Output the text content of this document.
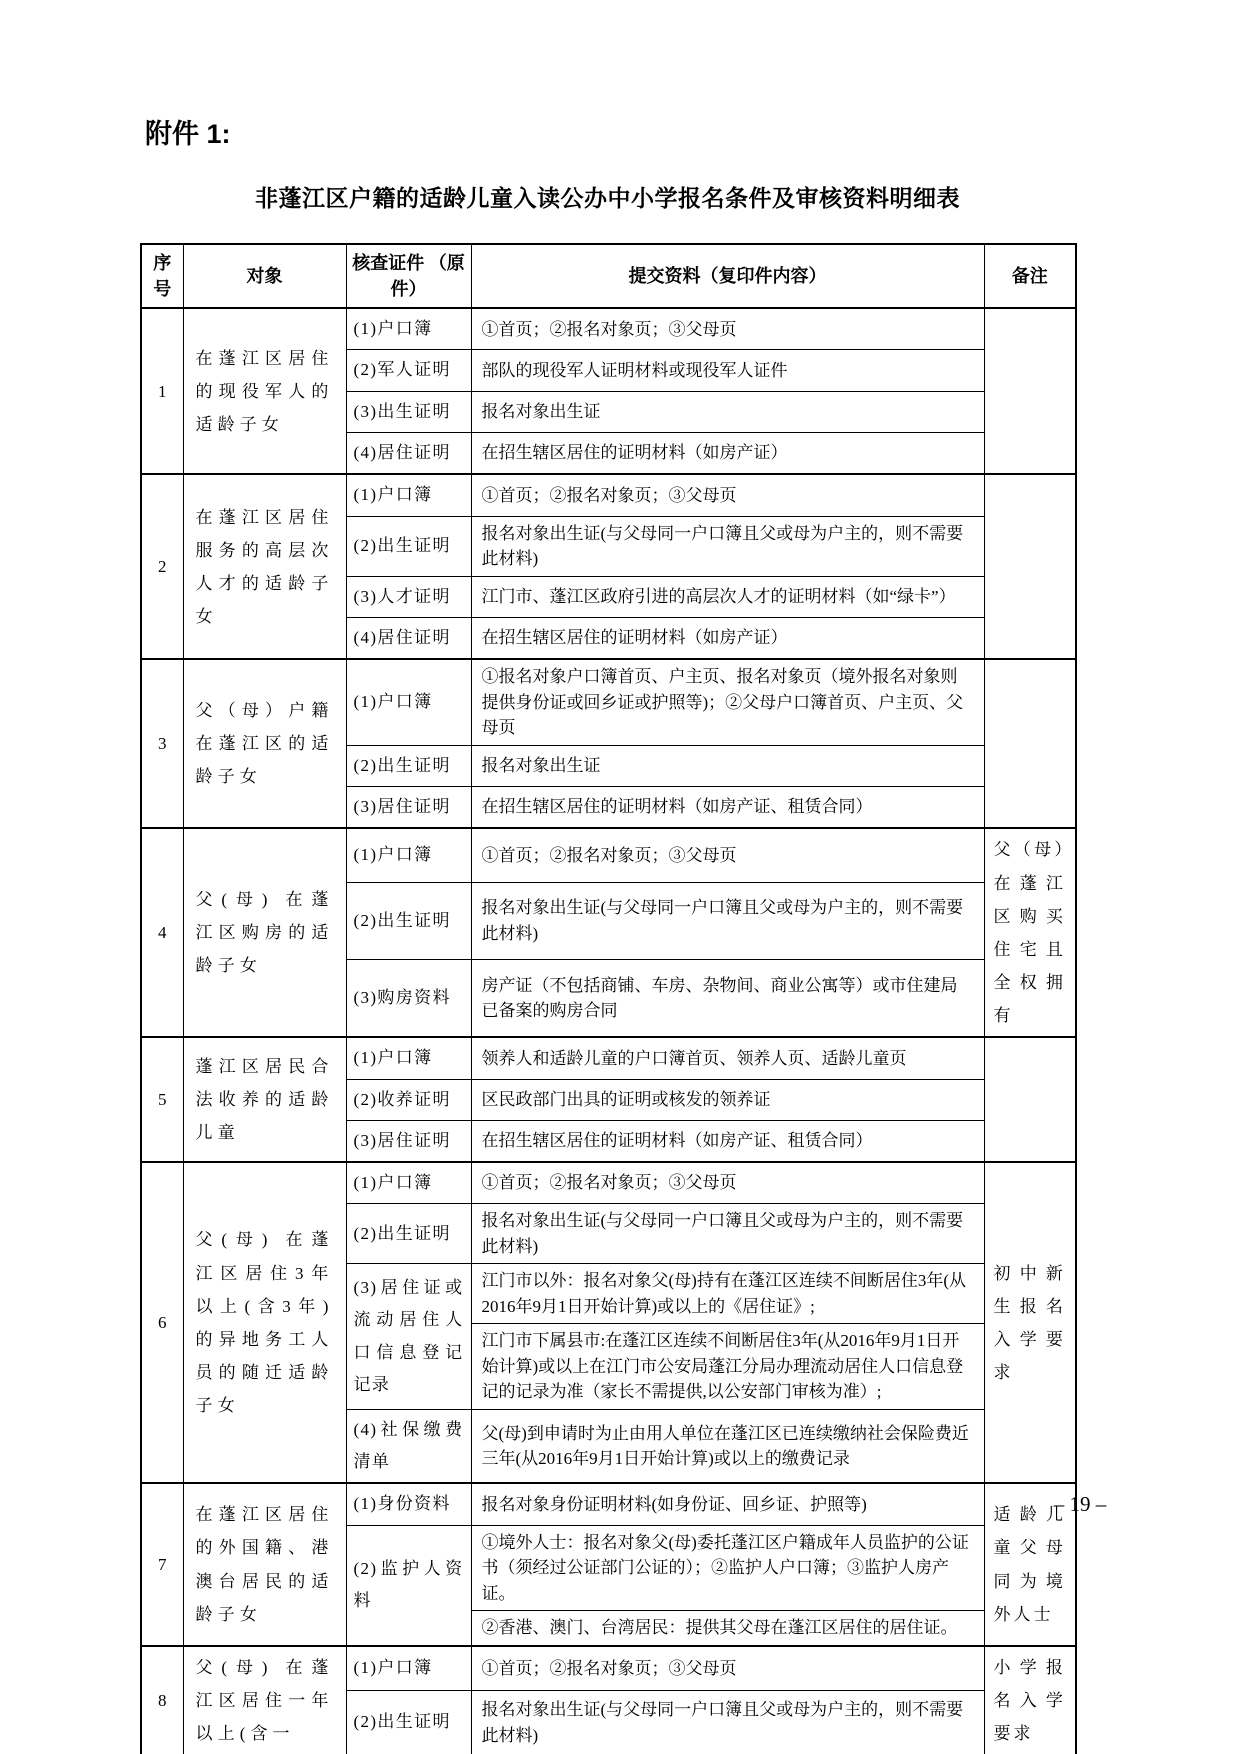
附件 1:
非蓬江区户籍的适龄儿童入读公办中小学报名条件及审核资料明细表
序号	对象	核查证件 （原件）	提交资料（复印件内容）	备注
1	在蓬江区居住的现役军人的适龄子女	(1)户口簿	①首页；②报名对象页；③父母页	
		(2)军人证明	部队的现役军人证明材料或现役军人证件	
		(3)出生证明	报名对象出生证	
		(4)居住证明	在招生辖区居住的证明材料（如房产证）	
2	在蓬江区居住服务的高层次人才的适龄子女	(1)户口簿	①首页；②报名对象页；③父母页	
		(2)出生证明	报名对象出生证(与父母同一户口簿且父或母为户主的，则不需要此材料)	
		(3)人才证明	江门市、蓬江区政府引进的高层次人才的证明材料（如“绿卡”）	
		(4)居住证明	在招生辖区居住的证明材料（如房产证）	
3	父（母）户籍在蓬江区的适龄子女	(1)户口簿	①报名对象户口簿首页、户主页、报名对象页（境外报名对象则提供身份证或回乡证或护照等)；②父母户口簿首页、户主页、父母页	
		(2)出生证明	报名对象出生证	
		(3)居住证明	在招生辖区居住的证明材料（如房产证、租赁合同）	
4	父(母) 在蓬江区购房的适龄子女	(1)户口簿	①首页；②报名对象页；③父母页	父（母）在蓬江区购买住宅且全权拥有
		(2)出生证明	报名对象出生证(与父母同一户口簿且父或母为户主的，则不需要此材料)	
		(3)购房资料	房产证（不包括商铺、车房、杂物间、商业公寓等）或市住建局已备案的购房合同	
5	蓬江区居民合法收养的适龄儿童	(1)户口簿	领养人和适龄儿童的户口簿首页、领养人页、适龄儿童页	
		(2)收养证明	区民政部门出具的证明或核发的领养证	
		(3)居住证明	在招生辖区居住的证明材料（如房产证、租赁合同）	
6	父(母) 在蓬江区居住3年以上(含3年) 的异地务工人员的随迁适龄子女	(1)户口簿	①首页；②报名对象页；③父母页	初中新生报名入学要求
		(2)出生证明	报名对象出生证(与父母同一户口簿且父或母为户主的，则不需要此材料)	
		(3)居住证或流动居住人口信息登记记录	江门市以外：报名对象父(母)持有在蓬江区连续不间断居住3年(从2016年9月1日开始计算)或以上的《居住证》;	
			江门市下属县市:在蓬江区连续不间断居住3年(从2016年9月1日开始计算)或以上在江门市公安局蓬江分局办理流动居住人口信息登记的记录为准（家长不需提供,以公安部门审核为准）;	
		(4)社保缴费清单	父(母)到申请时为止由用人单位在蓬江区已连续缴纳社会保险费近三年(从2016年9月1日开始计算)或以上的缴费记录	
7	在蓬江区居住的外国籍、港澳台居民的适龄子女	(1)身份资料	报名对象身份证明材料(如身份证、回乡证、护照等)	适龄儿童父母同为境外人士
		(2)监护人资料	①境外人士：报名对象父(母)委托蓬江区户籍成年人员监护的公证书（须经过公证部门公证的）；②监护人户口簿；③监护人房产证。	
			②香港、澳门、台湾居民：提供其父母在蓬江区居住的居住证。	
8	父(母) 在蓬江区居住一年以上(含一	(1)户口簿	①首页；②报名对象页；③父母页	小学报名入学要求
		(2)出生证明	报名对象出生证(与父母同一户口簿且父或母为户主的，则不需要此材料)	
– 19 –
